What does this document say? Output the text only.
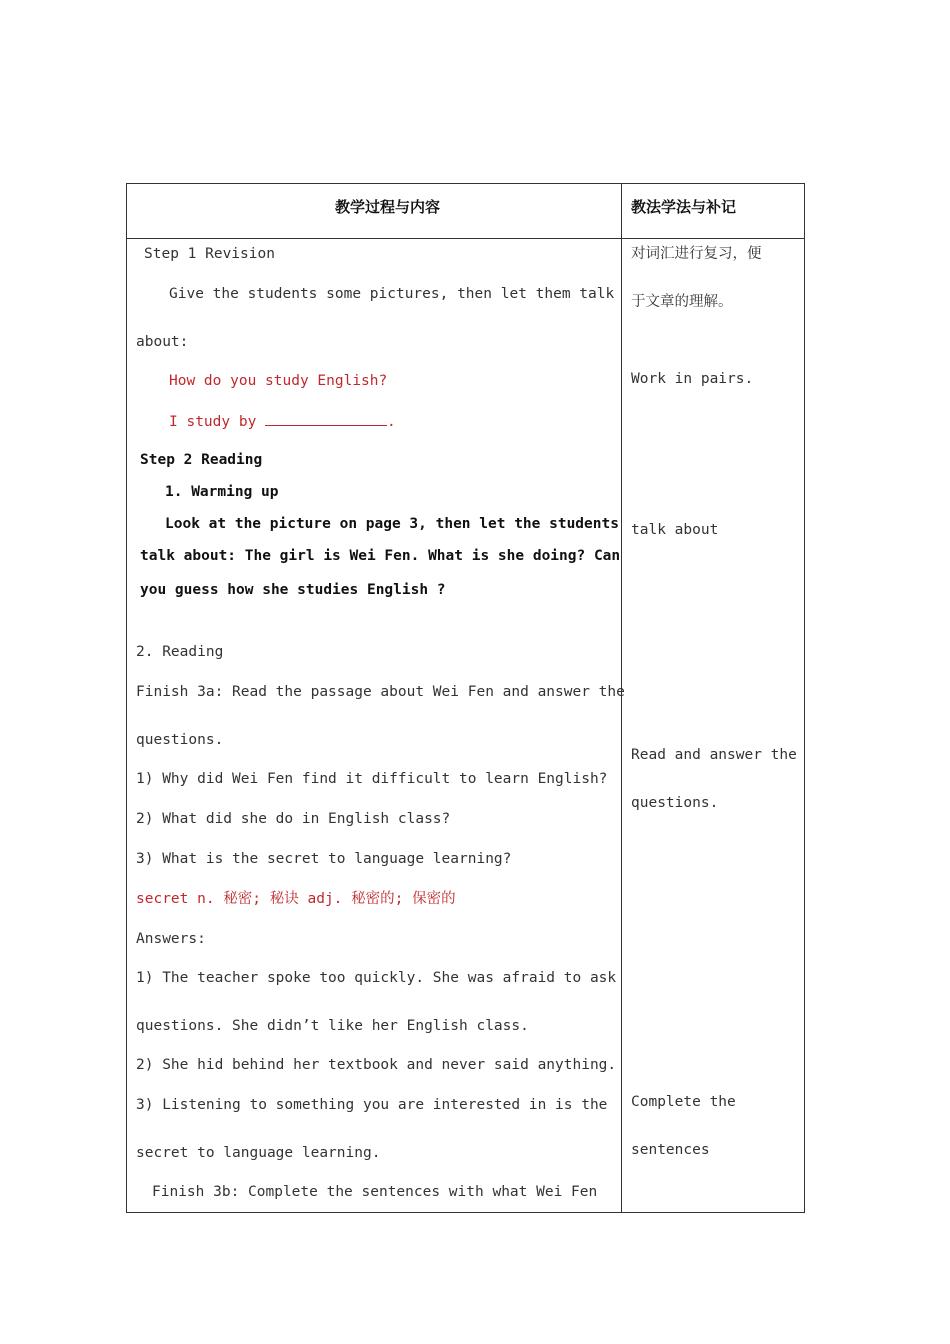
教学过程与内容	教法学法与补记
Step 1 Revision
Give the students some pictures, then let them talk
about:
How do you study English?
I study by	.
Step 2 Reading
1. Warming up
Look at the picture on page 3, then let the students
talk about: The girl is Wei Fen. What is she doing? Can
you guess how she studies English ?
2. Reading
Finish 3a: Read the passage about Wei Fen and answer the
questions.
1) Why did Wei Fen find it difficult to learn English?
2) What did she do in English class?
3) What is the secret to language learning?
secret n. 秘密; 秘诀 adj. 秘密的; 保密的
Answers:
1) The teacher spoke too quickly. She was afraid to ask
questions. She didn’t like her English class.
2) She hid behind her textbook and never said anything.
3) Listening to something you are interested in is the
secret to language learning.
Finish 3b: Complete the sentences with what Wei Fen
对词汇进行复习，便
于文章的理解。
Work in pairs.
talk about
Read and answer the
questions.
Complete the
sentences
